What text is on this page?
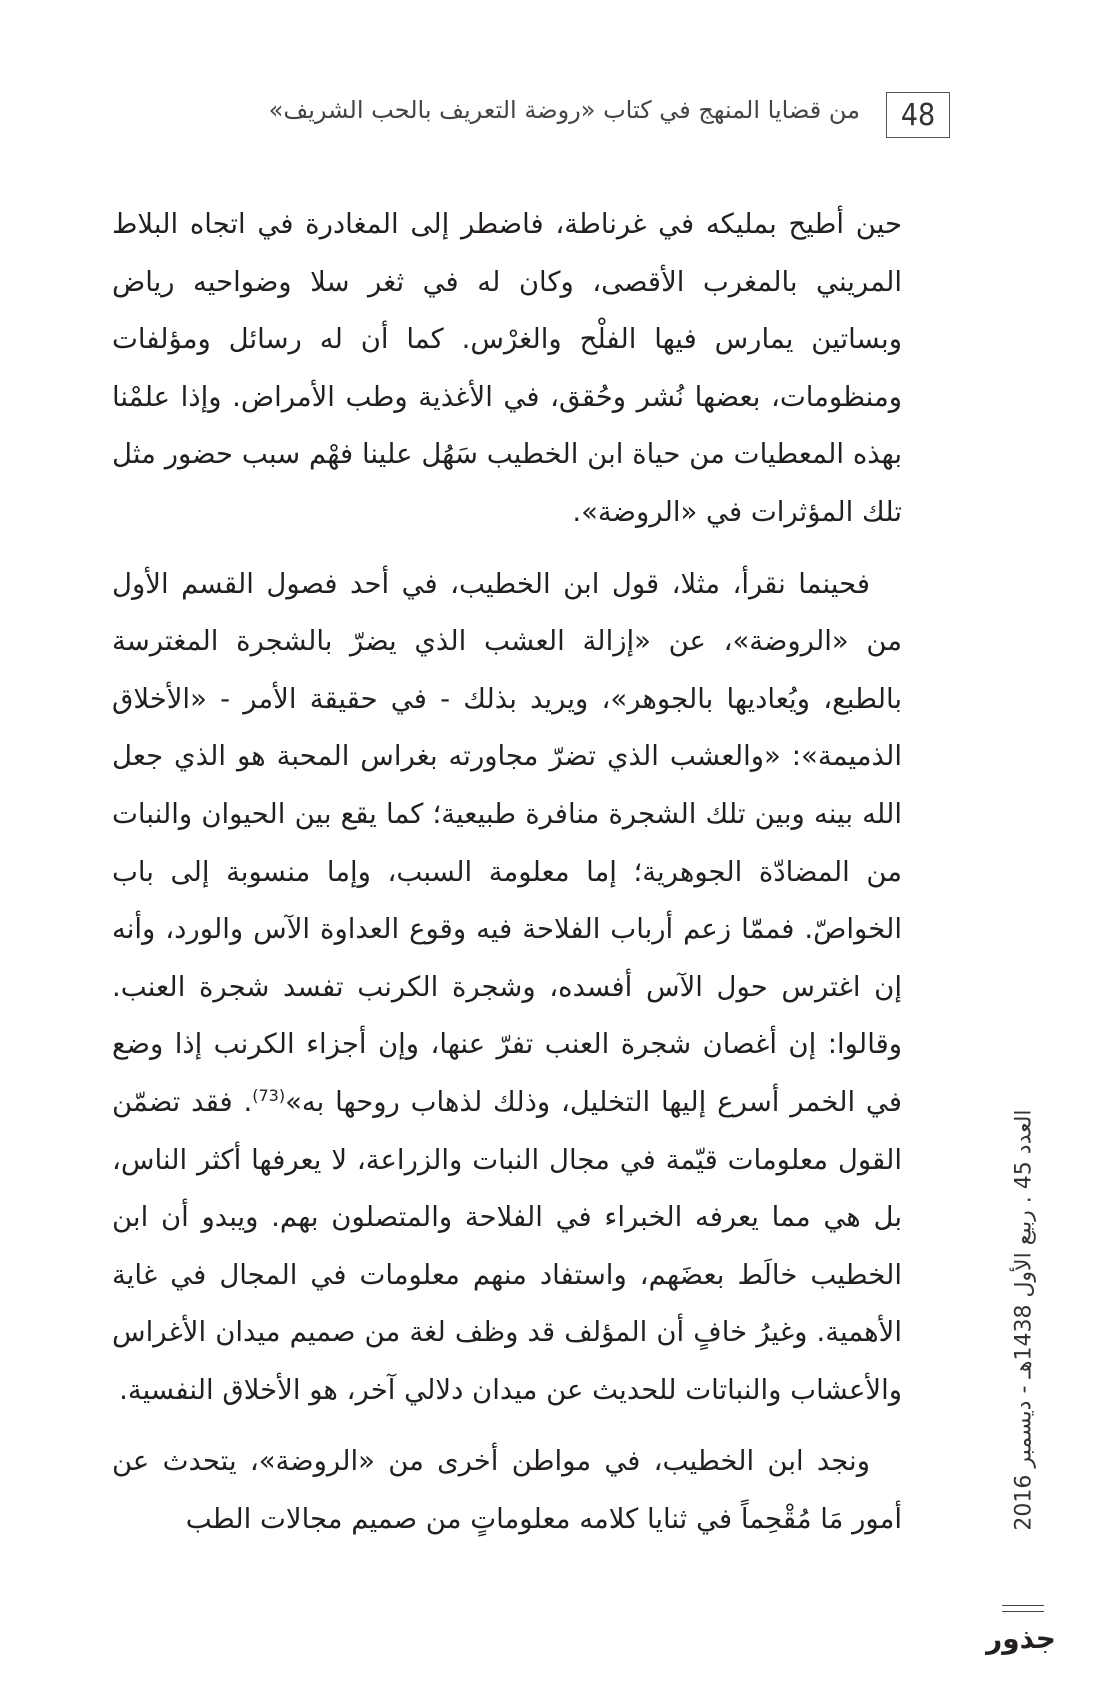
48
من قضايا المنهج في كتاب «روضة التعريف بالحب الشريف»

حين أطيح بمليكه في غرناطة، فاضطر إلى المغادرة في اتجاه البلاط المريني بالمغرب الأقصى، وكان له في ثغر سلا وضواحيه رياض وبساتين يمارس فيها الفلْح والغرْس. كما أن له رسائل ومؤلفات ومنظومات، بعضها نُشر وحُقق، في الأغذية وطب الأمراض. وإذا علمْنا بهذه المعطيات من حياة ابن الخطيب سَهُل علينا فهْم سبب حضور مثل تلك المؤثرات في «الروضة».

فحينما نقرأ، مثلا، قول ابن الخطيب، في أحد فصول القسم الأول من «الروضة»، عن «إزالة العشب الذي يضرّ بالشجرة المغترسة بالطبع، ويُعاديها بالجوهر»، ويريد بذلك - في حقيقة الأمر - «الأخلاق الذميمة»: «والعشب الذي تضرّ مجاورته بغراس المحبة هو الذي جعل الله بينه وبين تلك الشجرة منافرة طبيعية؛ كما يقع بين الحيوان والنبات من المضادّة الجوهرية؛ إما معلومة السبب، وإما منسوبة إلى باب الخواصّ. فممّا زعم أرباب الفلاحة فيه وقوع العداوة الآس والورد، وأنه إن اغترس حول الآس أفسده، وشجرة الكرنب تفسد شجرة العنب. وقالوا: إن أغصان شجرة العنب تفرّ عنها، وإن أجزاء الكرنب إذا وضع في الخمر أسرع إليها التخليل، وذلك لذهاب روحها به»$^{(73)}$. فقد تضمّن القول معلومات قيّمة في مجال النبات والزراعة، لا يعرفها أكثر الناس، بل هي مما يعرفه الخبراء في الفلاحة والمتصلون بهم. ويبدو أن ابن الخطيب خالَط بعضَهم، واستفاد منهم معلومات في المجال في غاية الأهمية. وغيرُ خافٍ أن المؤلف قد وظف لغة من صميم ميدان الأغراس والأعشاب والنباتات للحديث عن ميدان دلالي آخر، هو الأخلاق النفسية.

ونجد ابن الخطيب، في مواطن أخرى من «الروضة»، يتحدث عن أمور مَا مُقْحِماً في ثنايا كلامه معلوماتٍ من صميم مجالات الطب	العدد 45 . ربيع الأول 1438هـ - ديسمبر 2016
جذور
